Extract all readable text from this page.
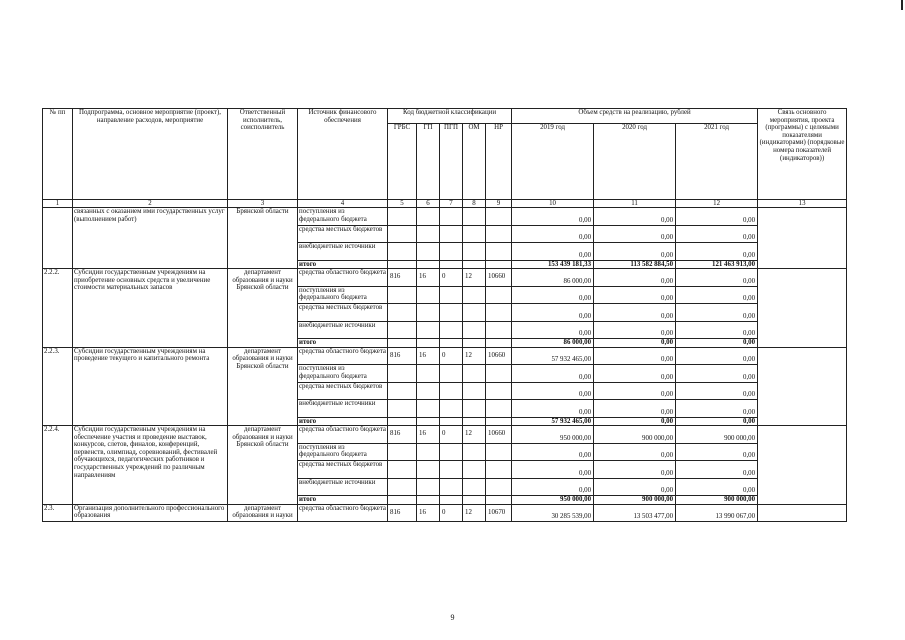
№ пп	Подпрограмма, основное мероприятие (проект), направление расходов, мероприятие	Ответственный исполнитель, соисполнитель	Источник финансового обеспечения	Код бюджетной классификации					Объем средств на реализацию, рублей			Связь основного мероприятия, проекта (программы) с целевыми показателями (индикаторами) (порядковые номера показателей (индикаторов))
				ГРБС	ГП	ПГП	ОМ	НР	2019 год	2020 год	2021 год	
1	2	3	4	5	6	7	8	9	10	11	12	13
	связанных с оказанием ими государственных услуг (выполнением работ)	Брянской области	поступления из федерального бюджета						0,00	0,00	0,00	
			средства местных бюджетов						0,00	0,00	0,00	
			внебюджетные источники						0,00	0,00	0,00	
			итого						153 439 181,33	113 582 884,50	121 463 913,00	
2.2.2.	Субсидии государственным учреждениям на приобретение основных средств и увеличение стоимости материальных запасов	департамент образования и науки Брянской области	средства областного бюджета	816	16	0	12	10660	86 000,00	0,00	0,00	
			поступления из федерального бюджета						0,00	0,00	0,00	
			средства местных бюджетов						0,00	0,00	0,00	
			внебюджетные источники						0,00	0,00	0,00	
			итого						86 000,00	0,00	0,00	
2.2.3.	Субсидии государственным учреждениям на проведение текущего и капитального ремонта	департамент образования и науки Брянской области	средства областного бюджета	816	16	0	12	10660	57 932 465,00	0,00	0,00	
			поступления из федерального бюджета						0,00	0,00	0,00	
			средства местных бюджетов						0,00	0,00	0,00	
			внебюджетные источники						0,00	0,00	0,00	
			итого						57 932 465,00	0,00	0,00	
2.2.4.	Субсидии государственным учреждениям на обеспечение участия и проведение выставок, конкурсов, слетов, финалов, конференций, первенств, олимпиад, соревнований, фестивалей обучающихся, педагогических работников и государственных учреждений по различным направлениям	департамент образования и науки Брянской области	средства областного бюджета	816	16	0	12	10660	950 000,00	900 000,00	900 000,00	
			поступления из федерального бюджета						0,00	0,00	0,00	
			средства местных бюджетов						0,00	0,00	0,00	
			внебюджетные источники						0,00	0,00	0,00	
			итого						950 000,00	900 000,00	900 000,00	
2.3.	Организация дополнительного профессионального образования	департамент образования и науки	средства областного бюджета	816	16	0	12	10670	30 285 539,00	13 503 477,00	13 990 067,00	
9
